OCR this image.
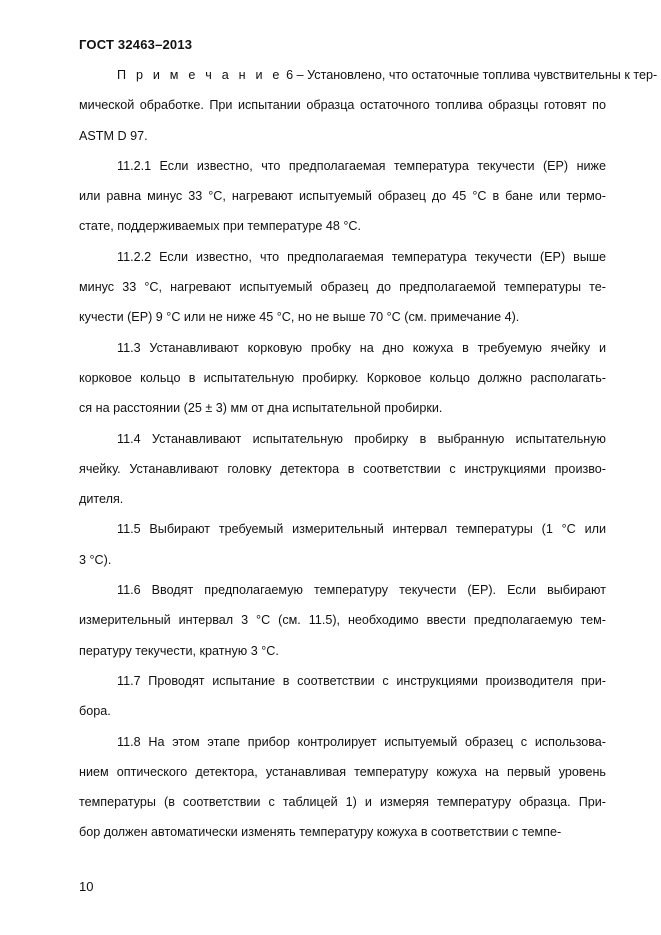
ГОСТ 32463–2013
П р и м е ч а н и е 6 – Установлено, что остаточные топлива чувствительны к тер-
мической обработке. При испытании образца остаточного топлива образцы готовят по
ASTM D 97.
11.2.1 Если известно, что предполагаемая температура текучести (ЕР) ниже
или равна минус 33 °С, нагревают испытуемый образец до 45 °С в бане или термо-
стате, поддерживаемых при температуре 48 °С.
11.2.2 Если известно, что предполагаемая температура текучести (ЕР) выше
минус 33 °С, нагревают испытуемый образец до предполагаемой температуры те-
кучести (ЕР) 9 °С или не ниже 45 °С, но не выше 70 °С (см. примечание 4).
11.3 Устанавливают корковую пробку на дно кожуха в требуемую ячейку и
корковое кольцо в испытательную пробирку. Корковое кольцо должно располагать-
ся на расстоянии (25 ± 3) мм от дна испытательной пробирки.
11.4 Устанавливают испытательную пробирку в выбранную испытательную
ячейку. Устанавливают головку детектора в соответствии с инструкциями произво-
дителя.
11.5 Выбирают требуемый измерительный интервал температуры (1 °С или
3 °С).
11.6 Вводят предполагаемую температуру текучести (ЕР). Если выбирают
измерительный интервал 3 °С (см. 11.5), необходимо ввести предполагаемую тем-
пературу текучести, кратную 3 °С.
11.7 Проводят испытание в соответствии с инструкциями производителя при-
бора.
11.8 На этом этапе прибор контролирует испытуемый образец с использова-
нием оптического детектора, устанавливая температуру кожуха на первый уровень
температуры (в соответствии с таблицей 1) и измеряя температуру образца. При-
бор должен автоматически изменять температуру кожуха в соответствии с темпе-
10
